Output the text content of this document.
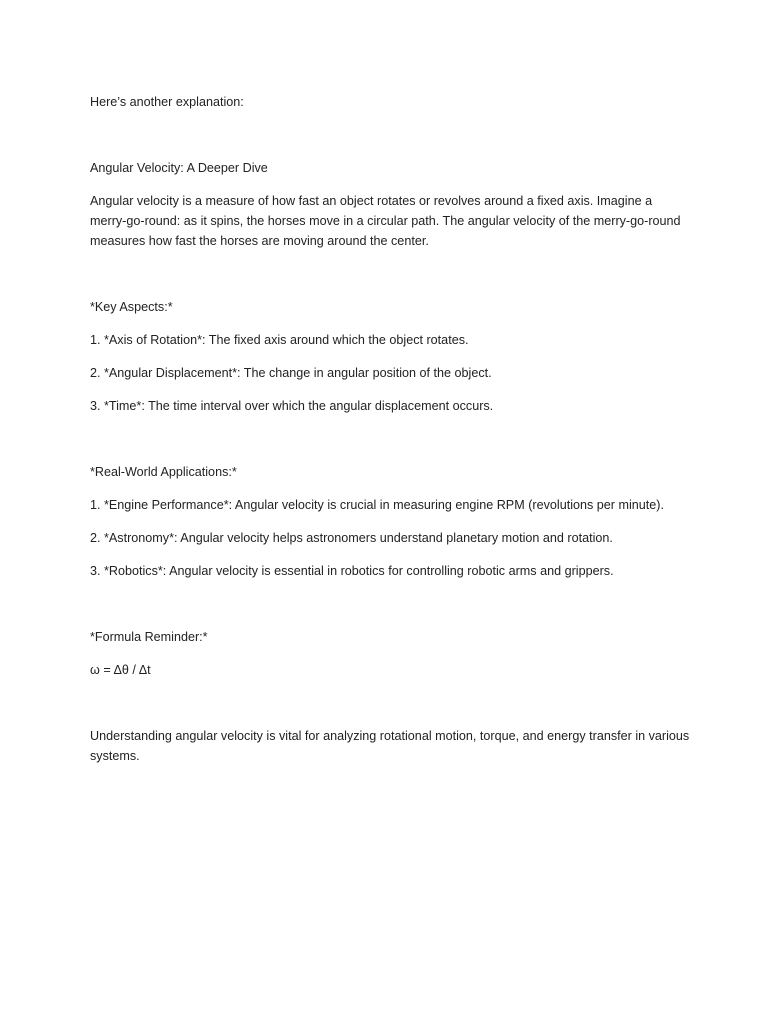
Here’s another explanation:

Angular Velocity: A Deeper Dive

Angular velocity is a measure of how fast an object rotates or revolves around a fixed axis. Imagine a merry-go-round: as it spins, the horses move in a circular path. The angular velocity of the merry-go-round measures how fast the horses are moving around the center.

*Key Aspects:*

1. *Axis of Rotation*: The fixed axis around which the object rotates.

2. *Angular Displacement*: The change in angular position of the object.

3. *Time*: The time interval over which the angular displacement occurs.

*Real-World Applications:*

1. *Engine Performance*: Angular velocity is crucial in measuring engine RPM (revolutions per minute).

2. *Astronomy*: Angular velocity helps astronomers understand planetary motion and rotation.

3. *Robotics*: Angular velocity is essential in robotics for controlling robotic arms and grippers.

*Formula Reminder:*

ω = Δθ / Δt

Understanding angular velocity is vital for analyzing rotational motion, torque, and energy transfer in various systems.
